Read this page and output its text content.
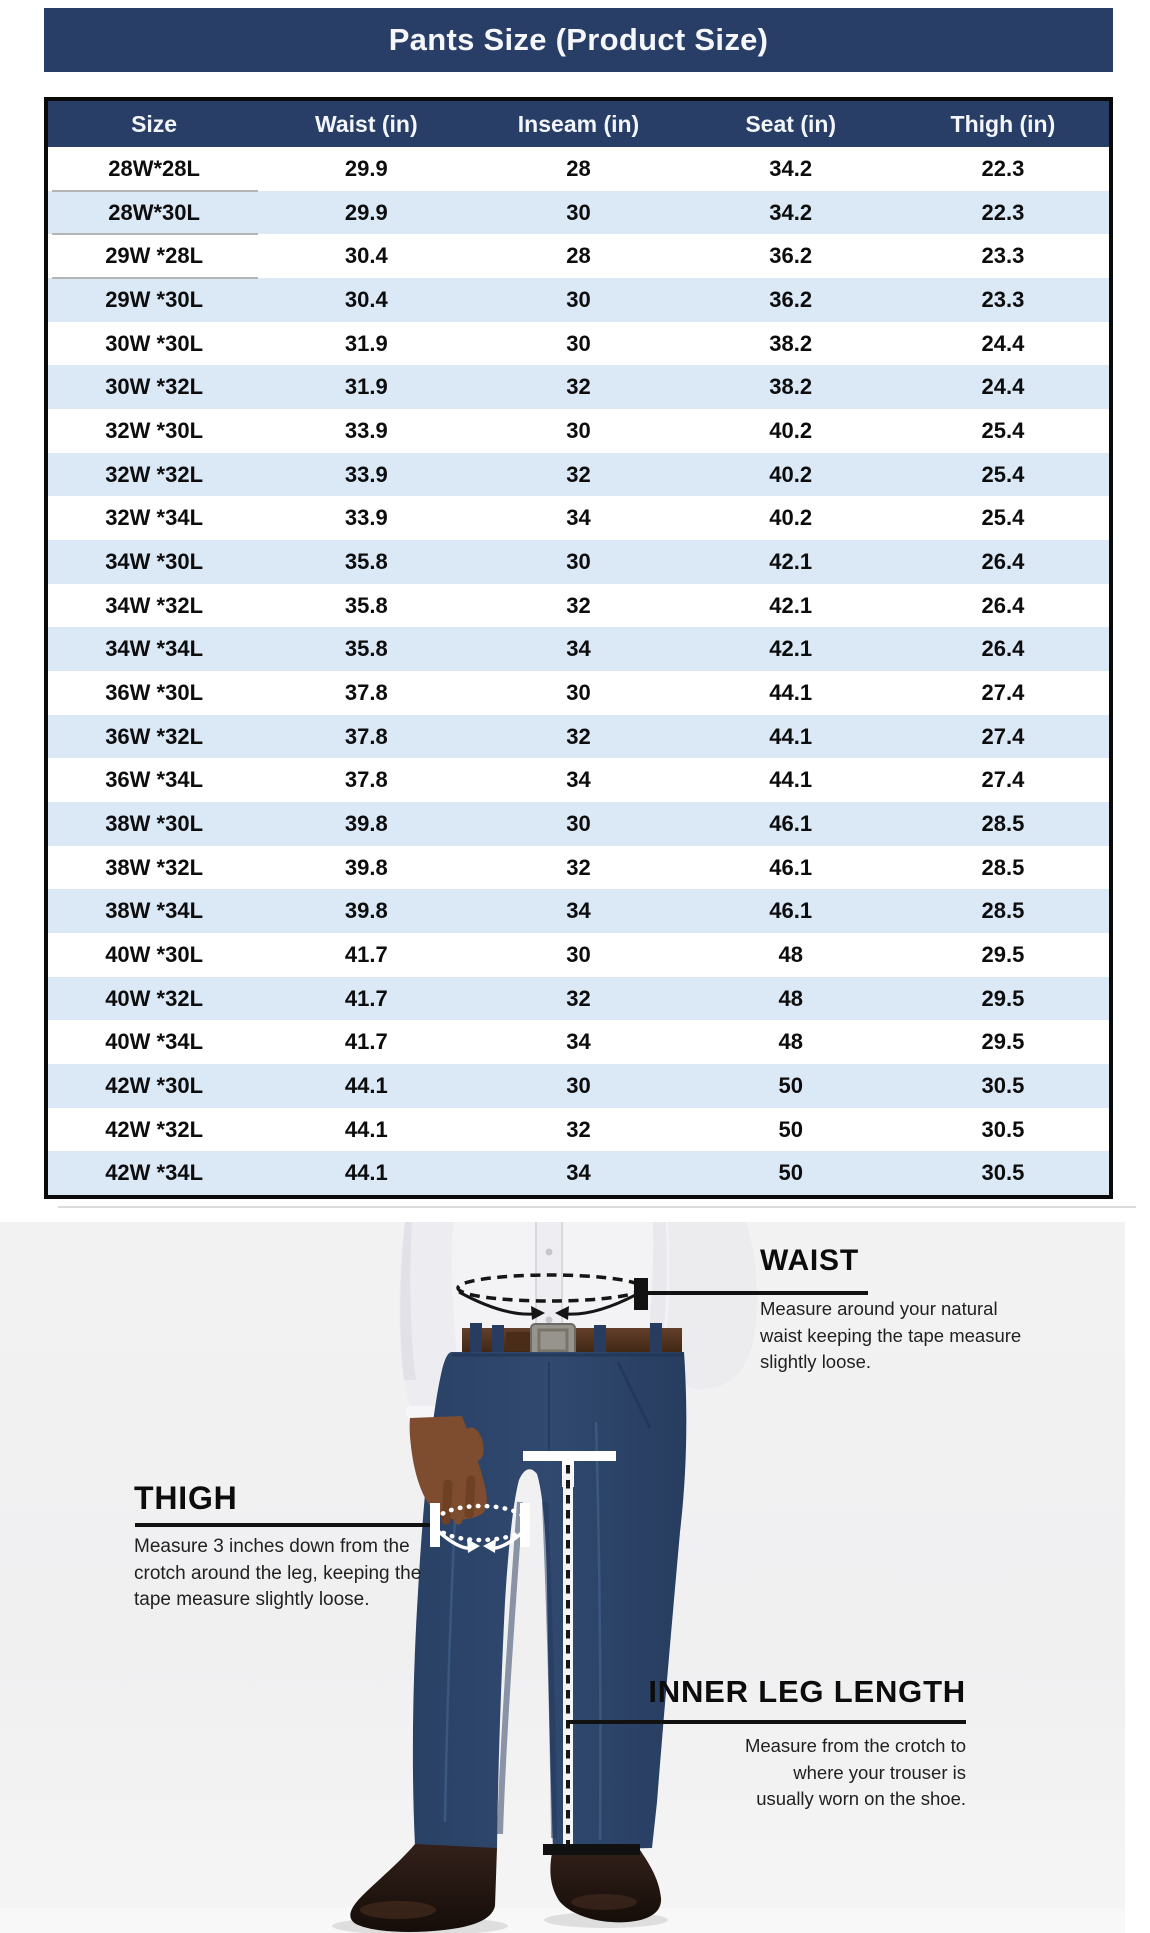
Pants Size (Product Size)
Size	Waist (in)	Inseam (in)	Seat (in)	Thigh (in)
28W*28L	29.9	28	34.2	22.3
28W*30L	29.9	30	34.2	22.3
29W *28L	30.4	28	36.2	23.3
29W *30L	30.4	30	36.2	23.3
30W *30L	31.9	30	38.2	24.4
30W *32L	31.9	32	38.2	24.4
32W *30L	33.9	30	40.2	25.4
32W *32L	33.9	32	40.2	25.4
32W *34L	33.9	34	40.2	25.4
34W *30L	35.8	30	42.1	26.4
34W *32L	35.8	32	42.1	26.4
34W *34L	35.8	34	42.1	26.4
36W *30L	37.8	30	44.1	27.4
36W *32L	37.8	32	44.1	27.4
36W *34L	37.8	34	44.1	27.4
38W *30L	39.8	30	46.1	28.5
38W *32L	39.8	32	46.1	28.5
38W *34L	39.8	34	46.1	28.5
40W *30L	41.7	30	48	29.5
40W *32L	41.7	32	48	29.5
40W *34L	41.7	34	48	29.5
42W *30L	44.1	30	50	30.5
42W *32L	44.1	32	50	30.5
42W *34L	44.1	34	50	30.5
WAIST
Measure around your natural waist keeping the tape measure slightly loose.
THIGH
Measure 3 inches down from the crotch around the leg, keeping the tape measure slightly loose.
INNER LEG LENGTH
Measure from the crotch to where your trouser is usually worn on the shoe.
